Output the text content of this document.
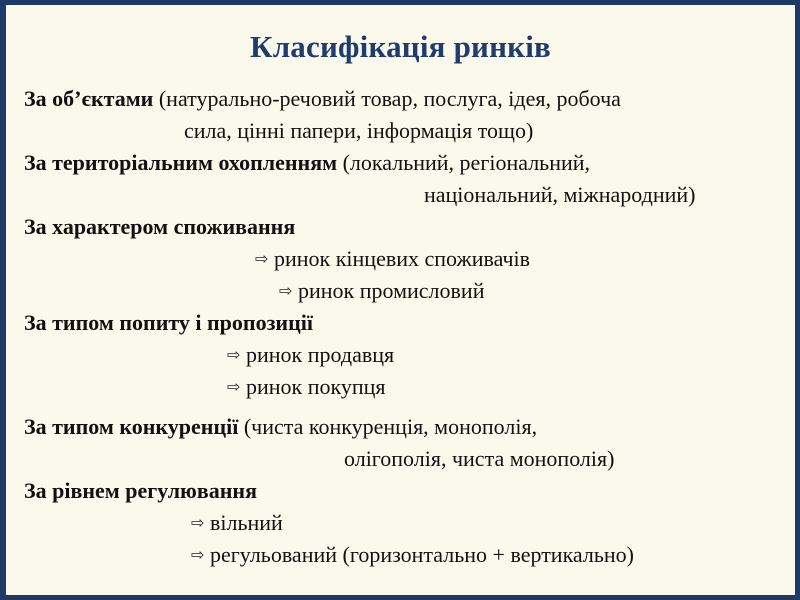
Класифікація ринків

За об’єктами (натурально-речовий товар, послуга, ідея, робоча

сила, цінні папери, інформація тощо)

За територіальним охопленням (локальний, регіональний,

національний, міжнародний)

За характером споживання

⇨ ринок кінцевих споживачів

⇨ ринок промисловий

За типом попиту і пропозиції

⇨ ринок продавця

⇨ ринок покупця

За типом конкуренції (чиста конкуренція, монополія,

олігополія, чиста монополія)

За рівнем регулювання

⇨ вільний

⇨ регульований (горизонтально + вертикально)
